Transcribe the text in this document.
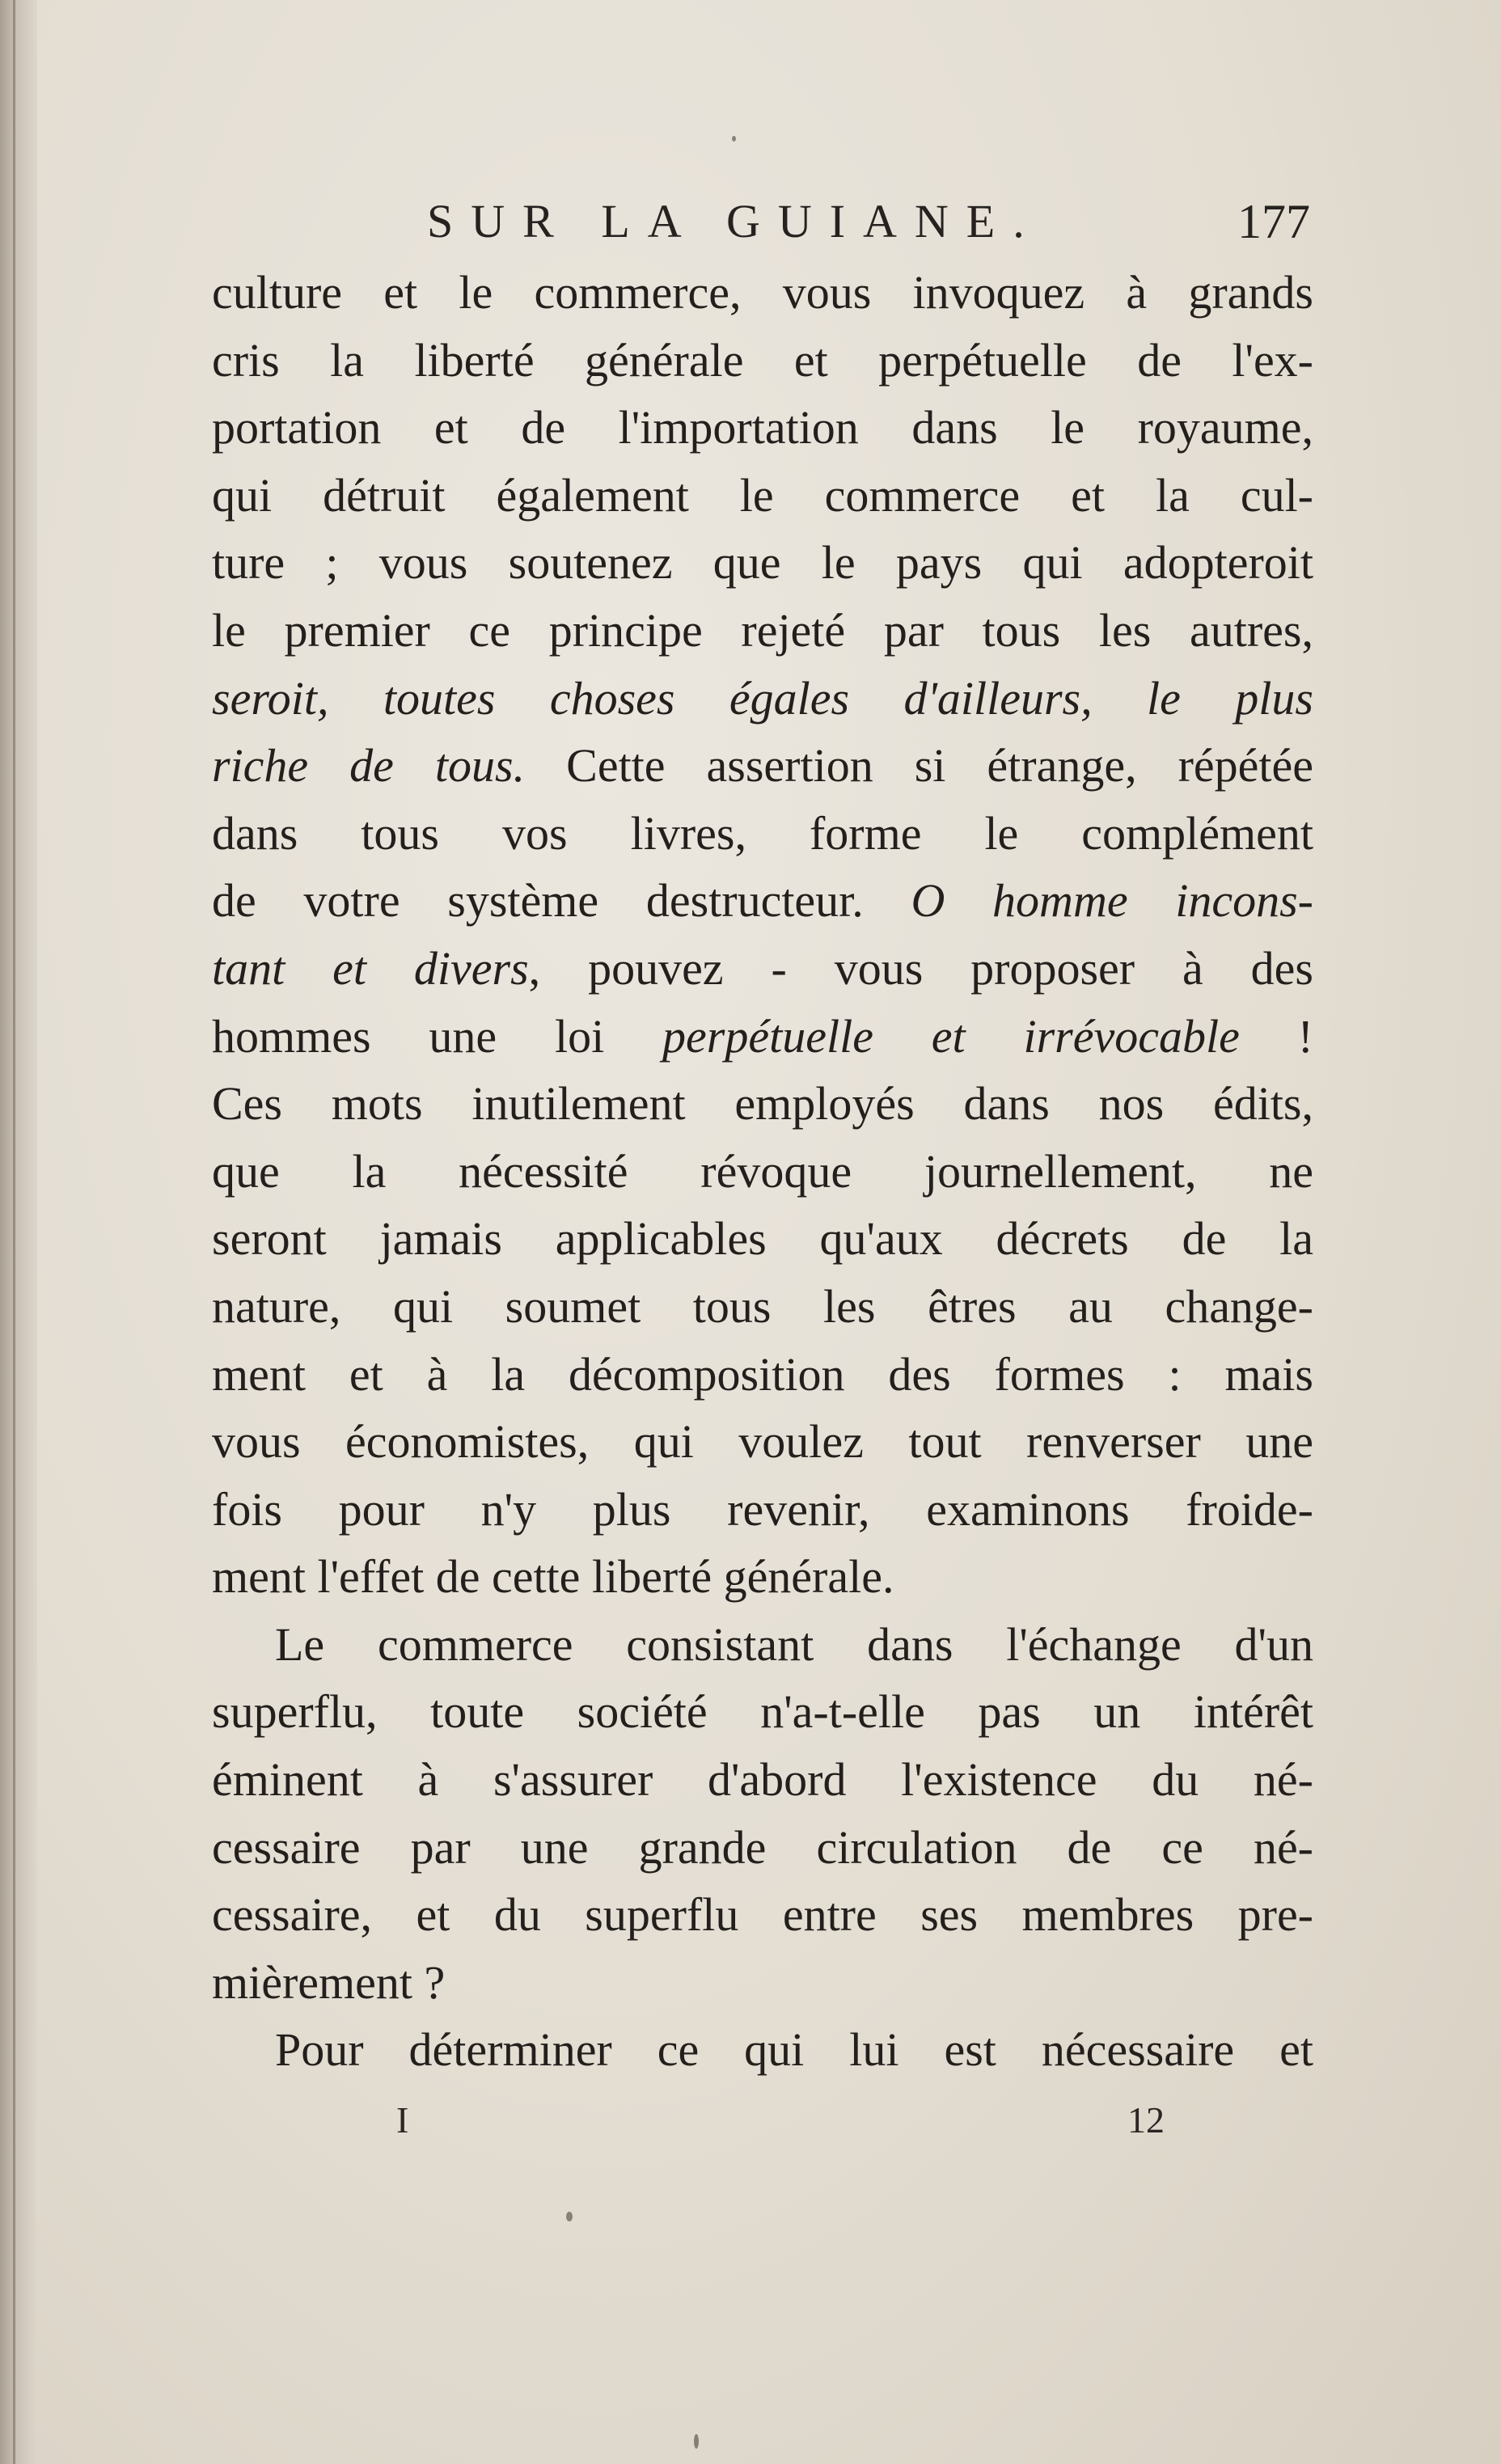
SUR LA GUIANE.	177
culture et le commerce, vous invoquez à grands
cris la liberté générale et perpétuelle de l'ex-
portation et de l'importation dans le royaume,
qui détruit également le commerce et la cul-
ture ; vous soutenez que le pays qui adopteroit
le premier ce principe rejeté par tous les autres,
seroit, toutes choses égales d'ailleurs, le plus
riche de tous. Cette assertion si étrange, répétée
dans tous vos livres, forme le complément
de votre système destructeur. O homme incons-
tant et divers, pouvez - vous proposer à des
hommes une loi perpétuelle et irrévocable !
Ces mots inutilement employés dans nos édits,
que la nécessité révoque journellement, ne
seront jamais applicables qu'aux décrets de la
nature, qui soumet tous les êtres au change-
ment et à la décomposition des formes : mais
vous économistes, qui voulez tout renverser une
fois pour n'y plus revenir, examinons froide-
ment l'effet de cette liberté générale.
Le commerce consistant dans l'échange d'un
superflu, toute société n'a-t-elle pas un intérêt
éminent à s'assurer d'abord l'existence du né-
cessaire par une grande circulation de ce né-
cessaire, et du superflu entre ses membres pre-
mièrement ?
Pour déterminer ce qui lui est nécessaire et
I	12
